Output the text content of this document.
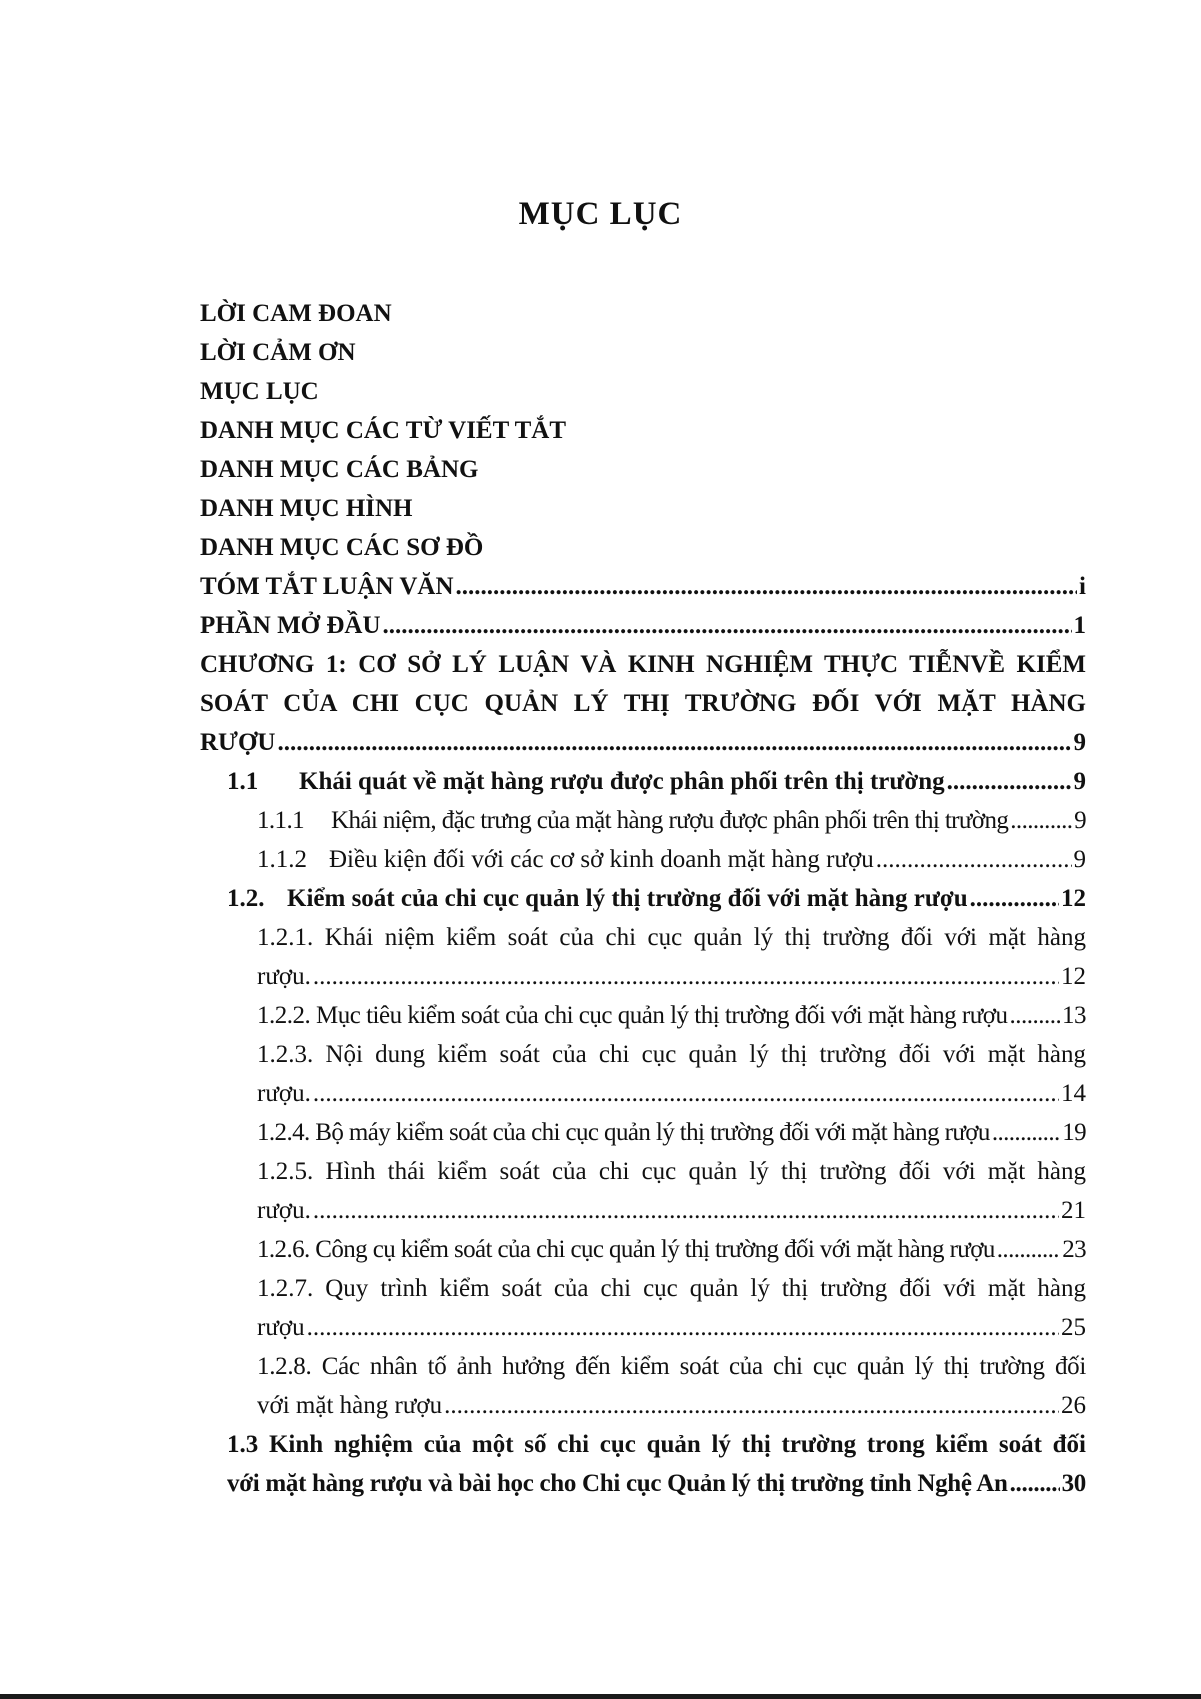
MỤC LỤC
LỜI CAM ĐOAN
LỜI CẢM ƠN
MỤC LỤC
DANH MỤC CÁC TỪ VIẾT TẮT
DANH MỤC CÁC BẢNG
DANH MỤC HÌNH
DANH MỤC CÁC SƠ ĐỒ
TÓM TẮT LUẬN VĂN .....	i
PHẦN MỞ ĐẦU .....	1
CHƯƠNG 1: CƠ SỞ LÝ LUẬN VÀ KINH NGHIỆM THỰC TIỄNVỀ KIỂM
SOÁT CỦA CHI CỤC QUẢN LÝ THỊ TRƯỜNG ĐỐI VỚI MẶT HÀNG
RƯỢU .....	9
1.1 Khái quát về mặt hàng rượu được phân phối trên thị trường .....	9
1.1.1 Khái niệm, đặc trưng của mặt hàng rượu được phân phối trên thị trường .....	9
1.1.2 Điều kiện đối với các cơ sở kinh doanh mặt hàng rượu .....	9
1.2. Kiểm soát của chi cục quản lý thị trường đối với mặt hàng rượu .....	12
1.2.1. Khái niệm kiểm soát của chi cục quản lý thị trường đối với mặt hàng
rượu. .....	12
1.2.2. Mục tiêu kiểm soát của chi cục quản lý thị trường đối với mặt hàng rượu ..... 13
1.2.3. Nội dung kiểm soát của chi cục quản lý thị trường đối với mặt hàng
rượu. .....	14
1.2.4. Bộ máy kiểm soát của chi cục quản lý thị trường đối với mặt hàng rượu .....	19
1.2.5. Hình thái kiểm soát của chi cục quản lý thị trường đối với mặt hàng
rượu. .....	21
1.2.6. Công cụ kiểm soát của chi cục quản lý thị trường đối với mặt hàng rượu .....	23
1.2.7. Quy trình kiểm soát của chi cục quản lý thị trường đối với mặt hàng
rượu .....	25
1.2.8. Các nhân tố ảnh hưởng đến kiểm soát của chi cục quản lý thị trường đối
với mặt hàng rượu .....	26
1.3 Kinh nghiệm của một số chi cục quản lý thị trường trong kiểm soát đối
với mặt hàng rượu và bài học cho Chi cục Quản lý thị trường tỉnh Nghệ An ..... 30
